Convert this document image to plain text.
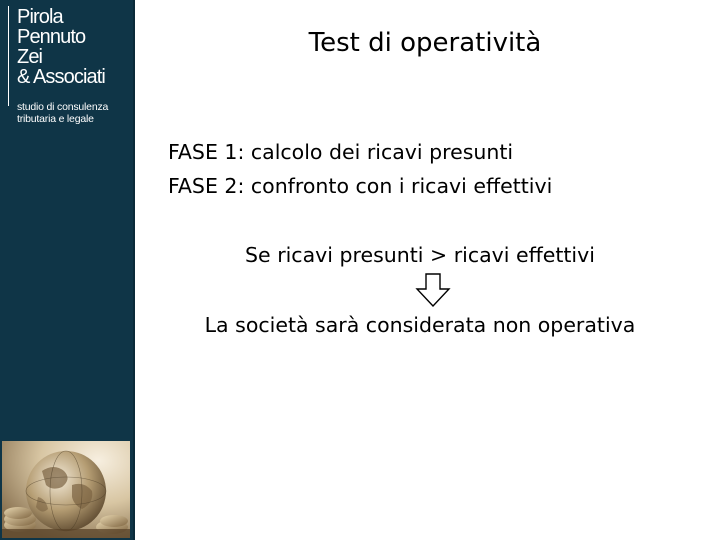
Pirola
Pennuto
Zei
& Associati
studio di consulenza
tributaria e legale
Test di operatività
FASE 1: calcolo dei ricavi presunti
FASE 2: confronto con i ricavi effettivi
Se ricavi presunti > ricavi effettivi
La società sarà considerata non operativa
